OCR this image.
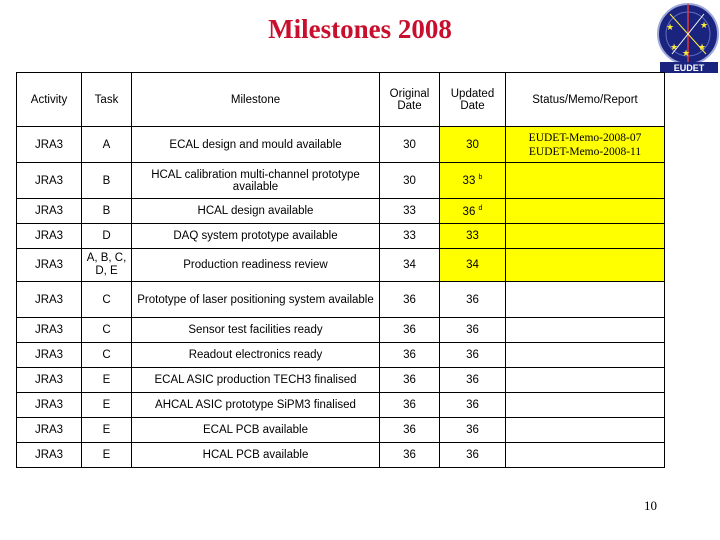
Milestones 2008	★	★
★
★
★
EUDET
Activity	Task	Milestone	Original Date	Updated Date	Status/Memo/Report
JRA3	A	ECAL design and mould available	30	30	EUDET-Memo-2008-07
EUDET-Memo-2008-11

JRA3	B	HCAL calibration multi-channel prototype available	30	33 $^b$	
JRA3	B	HCAL design available	33	36 $^d$	
JRA3	D	DAQ system prototype available	33	33	
JRA3	A, B, C, D, E	Production readiness review	34	34	
JRA3	C	Prototype of laser positioning system available	36	36	
JRA3	C	Sensor test facilities ready	36	36	
JRA3	C	Readout electronics ready	36	36	
JRA3	E	ECAL ASIC production TECH3 finalised	36	36	
JRA3	E	AHCAL ASIC prototype SiPM3 finalised	36	36	
JRA3	E	ECAL PCB available	36	36	
JRA3	E	HCAL PCB available	36	36	
10
